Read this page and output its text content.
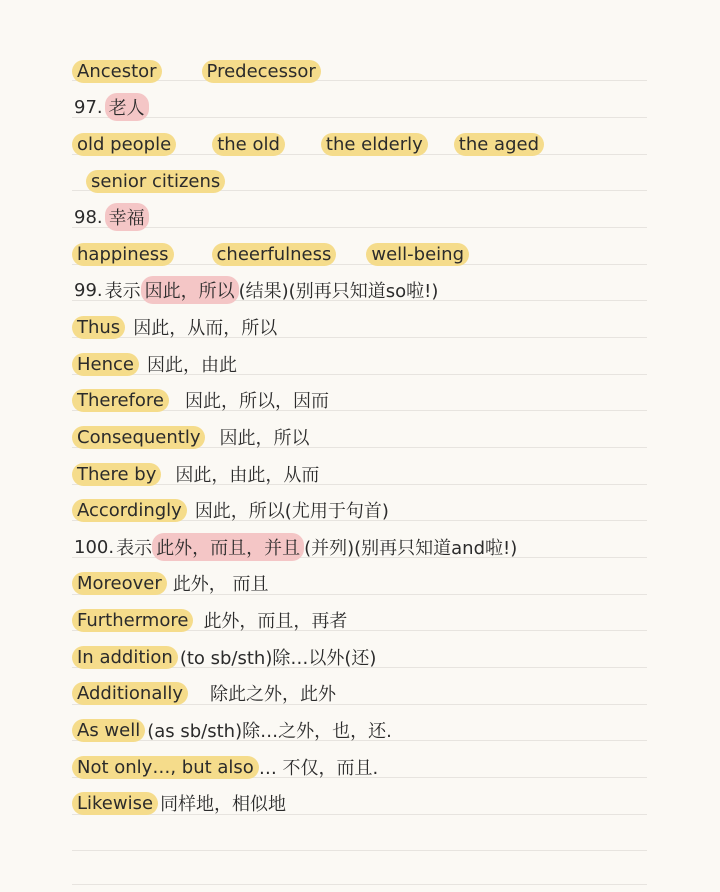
Ancestor	Predecessor
97. 老人
old people	the old	the elderly the aged
senior citizens
98. 幸福
happiness	cheerfulness well-being
99. 表示 因此，所以 (结果)(别再只知道so啦!)
Thus 因此，从而，所以
Hence 因此，由此
Therefore 因此，所以，因而
Consequently 因此，所以
There by 因此，由此，从而
Accordingly 因此，所以(尤用于句首)
100. 表示 此外，而且，并且 (并列)(别再只知道and啦!)
Moreover 此外， 而且
Furthermore 此外，而且，再者
In addition (to sb/sth)除…以外(还)
Additionally 除此之外，此外
As well (as sb/sth)除…之外，也，还.
Not only…, but also … 不仅，而且.
Likewise 同样地，相似地
